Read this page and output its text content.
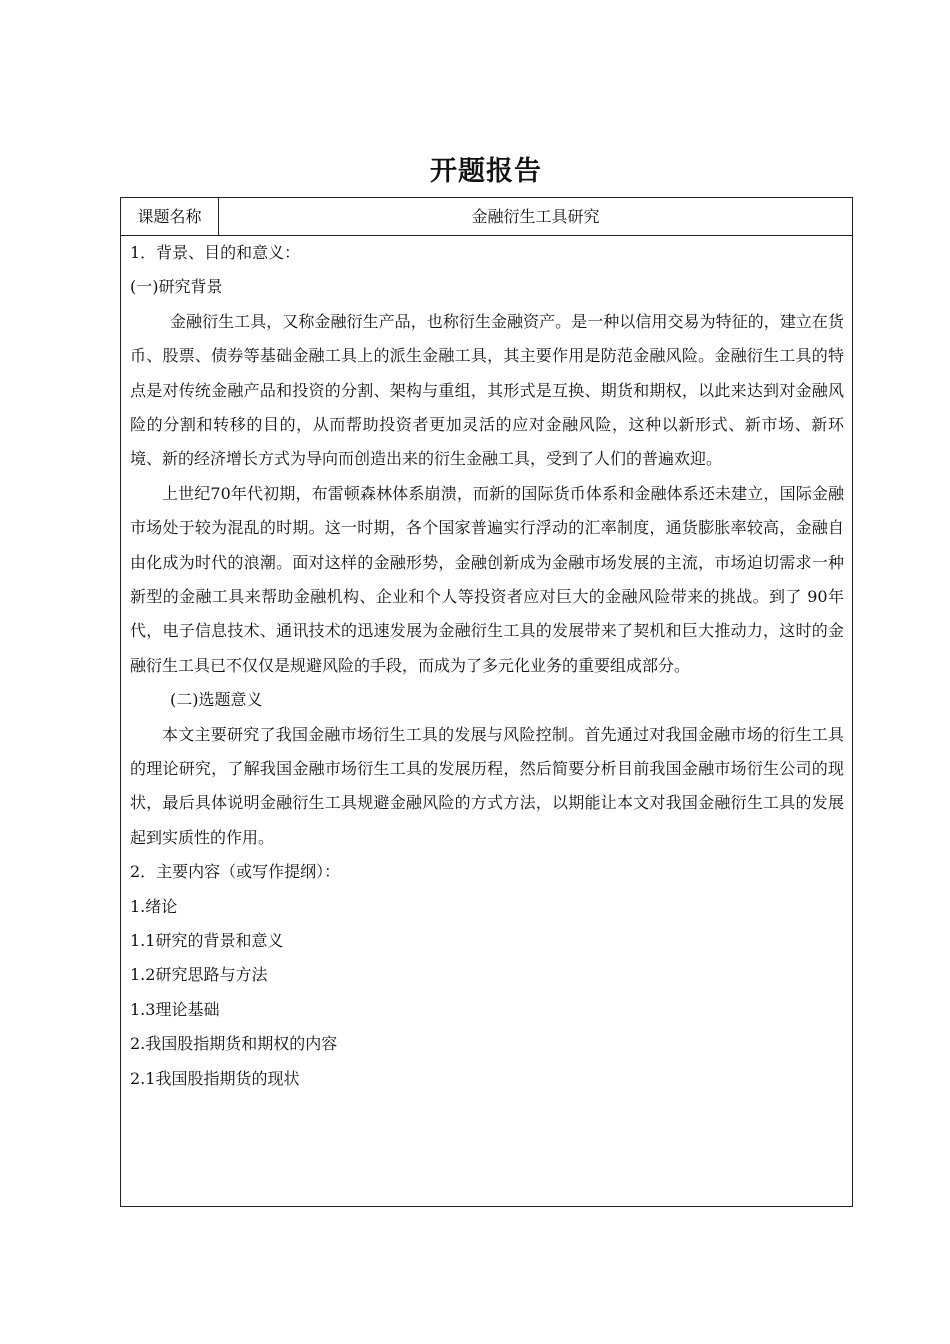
开题报告
课题名称	金融衍生工具研究

1．背景、目的和意义：

(一)研究背景

金融衍生工具，又称金融衍生产品，也称衍生金融资产。是一种以信用交易为特征的，建立在货币、股票、债券等基础金融工具上的派生金融工具，其主要作用是防范金融风险。金融衍生工具的特点是对传统金融产品和投资的分割、架构与重组，其形式是互换、期货和期权，以此来达到对金融风险的分割和转移的目的，从而帮助投资者更加灵活的应对金融风险，这种以新形式、新市场、新环境、新的经济增长方式为导向而创造出来的衍生金融工具，受到了人们的普遍欢迎。

上世纪70年代初期，布雷顿森林体系崩溃，而新的国际货币体系和金融体系还未建立，国际金融市场处于较为混乱的时期。这一时期，各个国家普遍实行浮动的汇率制度，通货膨胀率较高，金融自由化成为时代的浪潮。面对这样的金融形势，金融创新成为金融市场发展的主流，市场迫切需求一种新型的金融工具来帮助金融机构、企业和个人等投资者应对巨大的金融风险带来的挑战。到了 90年代，电子信息技术、通讯技术的迅速发展为金融衍生工具的发展带来了契机和巨大推动力，这时的金融衍生工具已不仅仅是规避风险的手段，而成为了多元化业务的重要组成部分。

(二)选题意义

本文主要研究了我国金融市场衍生工具的发展与风险控制。首先通过对我国金融市场的衍生工具的理论研究，了解我国金融市场衍生工具的发展历程，然后简要分析目前我国金融市场衍生公司的现状，最后具体说明金融衍生工具规避金融风险的方式方法，以期能让本文对我国金融衍生工具的发展起到实质性的作用。

2．主要内容（或写作提纲）：

1.绪论

1.1研究的背景和意义

1.2研究思路与方法

1.3理论基础

2.我国股指期货和期权的内容

2.1我国股指期货的现状
